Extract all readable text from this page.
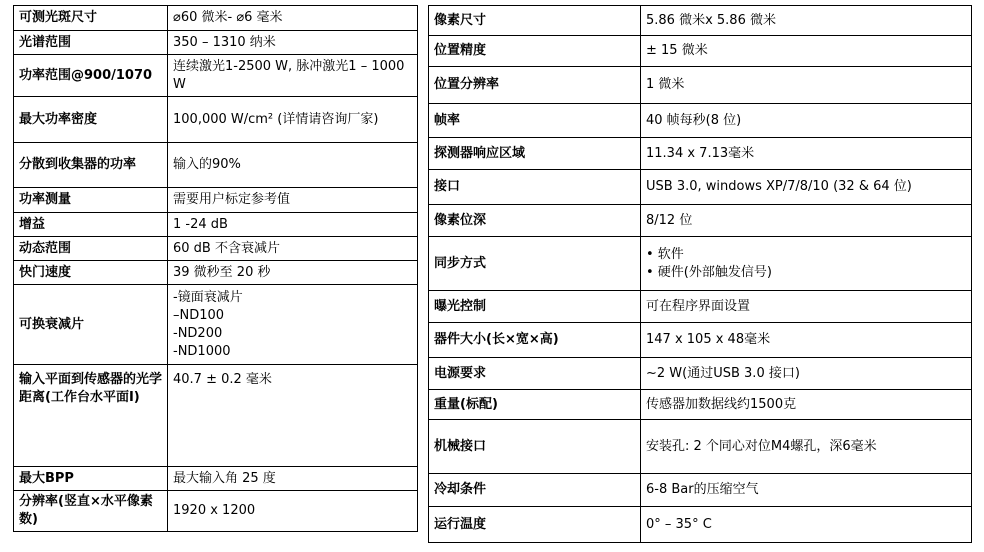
可测光斑尺寸	⌀60 微米- ⌀6 毫米
光谱范围	350 – 1310 纳米
功率范围@900/1070	连续激光1-2500 W, 脉冲激光1 – 1000 W
最大功率密度	100,000 W/cm² (详情请咨询厂家)
分散到收集器的功率	输入的90%
功率测量	需要用户标定参考值
增益	1 -24 dB
动态范围	60 dB 不含衰减片
快门速度	39 微秒至 20 秒
可换衰减片	-镜面衰减片
–ND100
-ND200
-ND1000

输入平面到传感器的光学距离(工作台水平面I)	40.7 ± 0.2 毫米
最大BPP	最大输入角 25 度
分辨率(竖直×水平像素数)	1920 x 1200
像素尺寸	5.86 微米x 5.86 微米
位置精度	± 15 微米
位置分辨率	1 微米
帧率	40 帧每秒(8 位)
探测器响应区域	11.34 x 7.13毫米
接口	USB 3.0, windows XP/7/8/10 (32 & 64 位)
像素位深	8/12 位
同步方式	• 软件
• 硬件(外部触发信号)

曝光控制	可在程序界面设置
器件大小(长×宽×高)	147 x 105 x 48毫米
电源要求	~2 W(通过USB 3.0 接口)
重量(标配)	传感器加数据线约1500克
机械接口	安装孔: 2 个同心对位M4螺孔，深6毫米
冷却条件	6-8 Bar的压缩空气
运行温度	0° – 35° C
